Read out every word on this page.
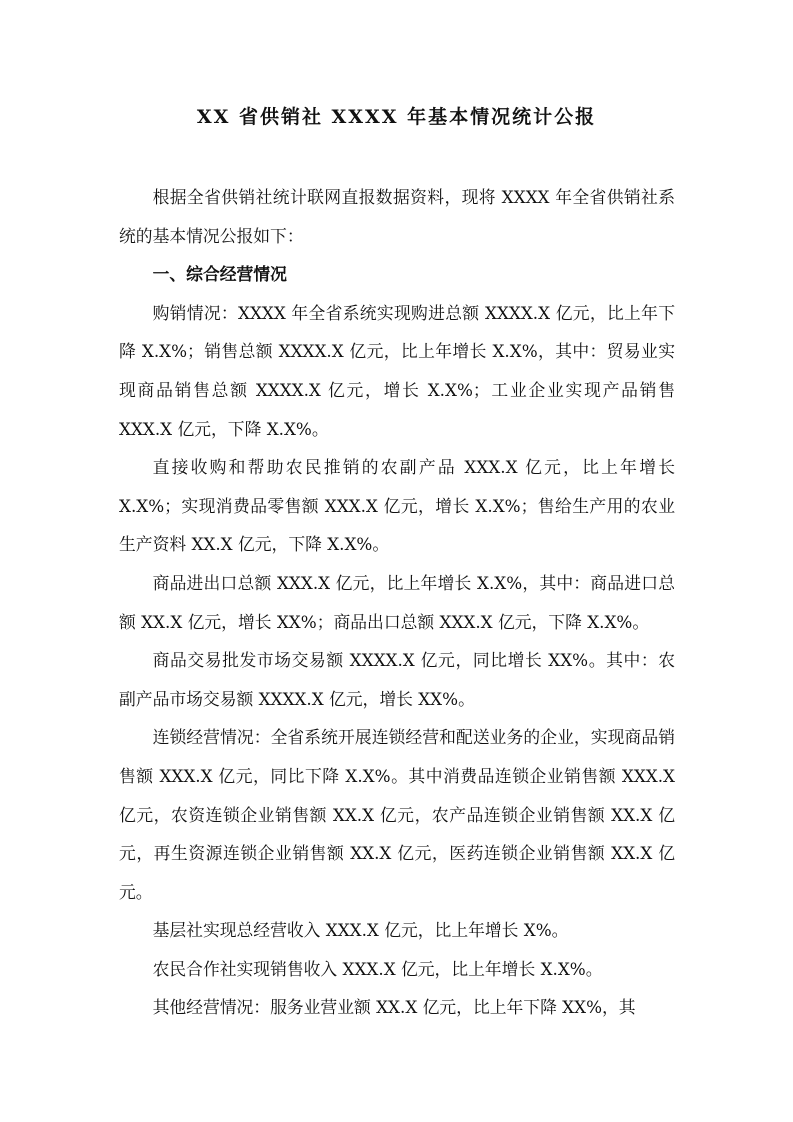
XX 省供销社 XXXX 年基本情况统计公报

根据全省供销社统计联网直报数据资料，现将 XXXX 年全省供销社系统的基本情况公报如下：

一、综合经营情况

购销情况：XXXX 年全省系统实现购进总额 XXXX.X 亿元，比上年下降 X.X%；销售总额 XXXX.X 亿元，比上年增长 X.X%，其中：贸易业实现商品销售总额 XXXX.X 亿元，增长 X.X%；工业企业实现产品销售 XXX.X 亿元，下降 X.X%。

直接收购和帮助农民推销的农副产品 XXX.X 亿元，比上年增长 X.X%；实现消费品零售额 XXX.X 亿元，增长 X.X%；售给生产用的农业生产资料 XX.X 亿元，下降 X.X%。

商品进出口总额 XXX.X 亿元，比上年增长 X.X%，其中：商品进口总额 XX.X 亿元，增长 XX%；商品出口总额 XXX.X 亿元，下降 X.X%。

商品交易批发市场交易额 XXXX.X 亿元，同比增长 XX%。其中：农副产品市场交易额 XXXX.X 亿元，增长 XX%。

连锁经营情况：全省系统开展连锁经营和配送业务的企业，实现商品销售额 XXX.X 亿元，同比下降 X.X%。其中消费品连锁企业销售额 XXX.X 亿元，农资连锁企业销售额 XX.X 亿元，农产品连锁企业销售额 XX.X 亿元，再生资源连锁企业销售额 XX.X 亿元，医药连锁企业销售额 XX.X 亿元。

基层社实现总经营收入 XXX.X 亿元，比上年增长 X%。

农民合作社实现销售收入 XXX.X 亿元，比上年增长 X.X%。

其他经营情况：服务业营业额 XX.X 亿元，比上年下降 XX%，其
